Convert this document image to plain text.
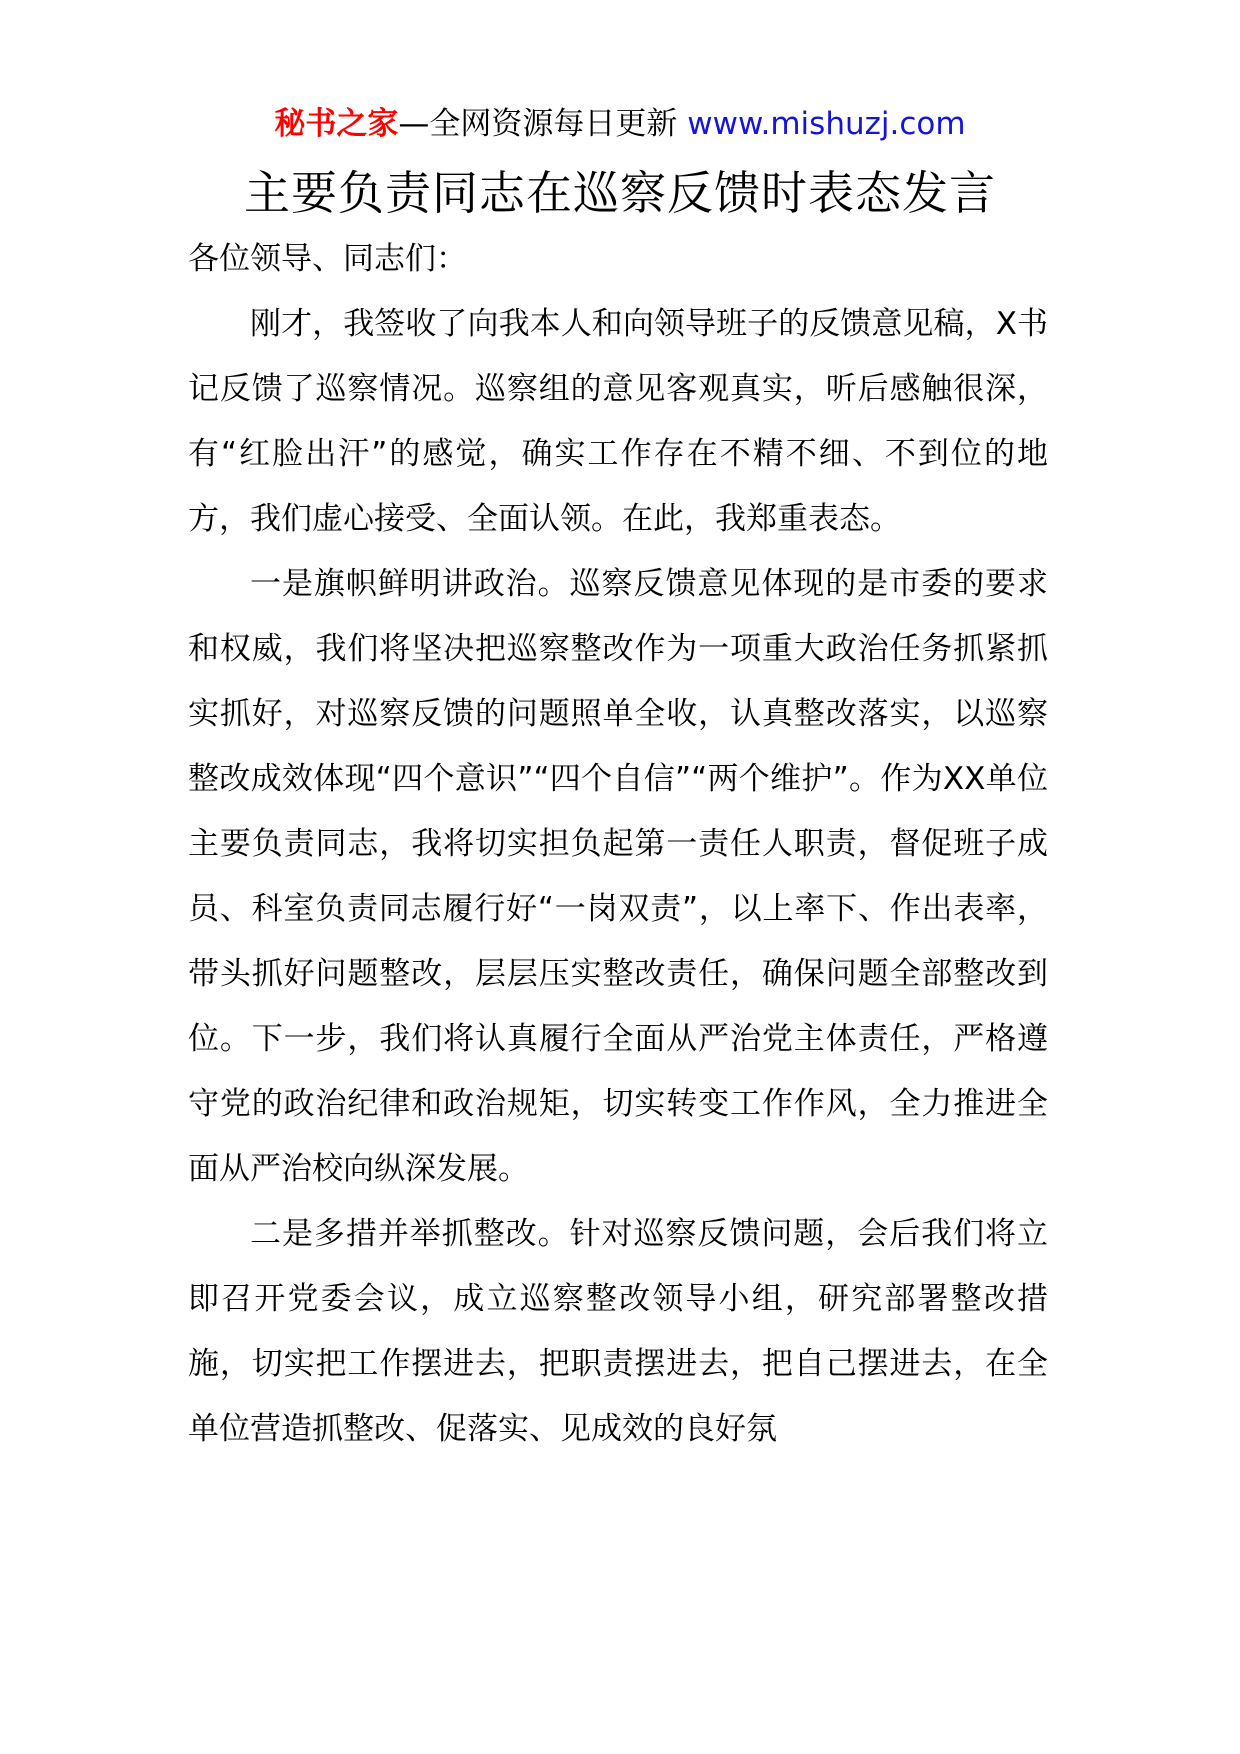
秘书之家—全网资源每日更新 www.mishuzj.com
主要负责同志在巡察反馈时表态发言

各位领导、同志们：

刚才，我签收了向我本人和向领导班子的反馈意见稿，X书记反馈了巡察情况。巡察组的意见客观真实，听后感触很深，有“红脸出汗”的感觉，确实工作存在不精不细、不到位的地方，我们虚心接受、全面认领。在此，我郑重表态。

一是旗帜鲜明讲政治。巡察反馈意见体现的是市委的要求和权威，我们将坚决把巡察整改作为一项重大政治任务抓紧抓实抓好，对巡察反馈的问题照单全收，认真整改落实，以巡察整改成效体现“四个意识”“四个自信”“两个维护”。作为XX单位主要负责同志，我将切实担负起第一责任人职责，督促班子成员、科室负责同志履行好“一岗双责”，以上率下、作出表率，带头抓好问题整改，层层压实整改责任，确保问题全部整改到位。下一步，我们将认真履行全面从严治党主体责任，严格遵守党的政治纪律和政治规矩，切实转变工作作风，全力推进全面从严治校向纵深发展。

二是多措并举抓整改。针对巡察反馈问题，会后我们将立即召开党委会议，成立巡察整改领导小组，研究部署整改措施，切实把工作摆进去，把职责摆进去，把自己摆进去，在全单位营造抓整改、促落实、见成效的良好氛
